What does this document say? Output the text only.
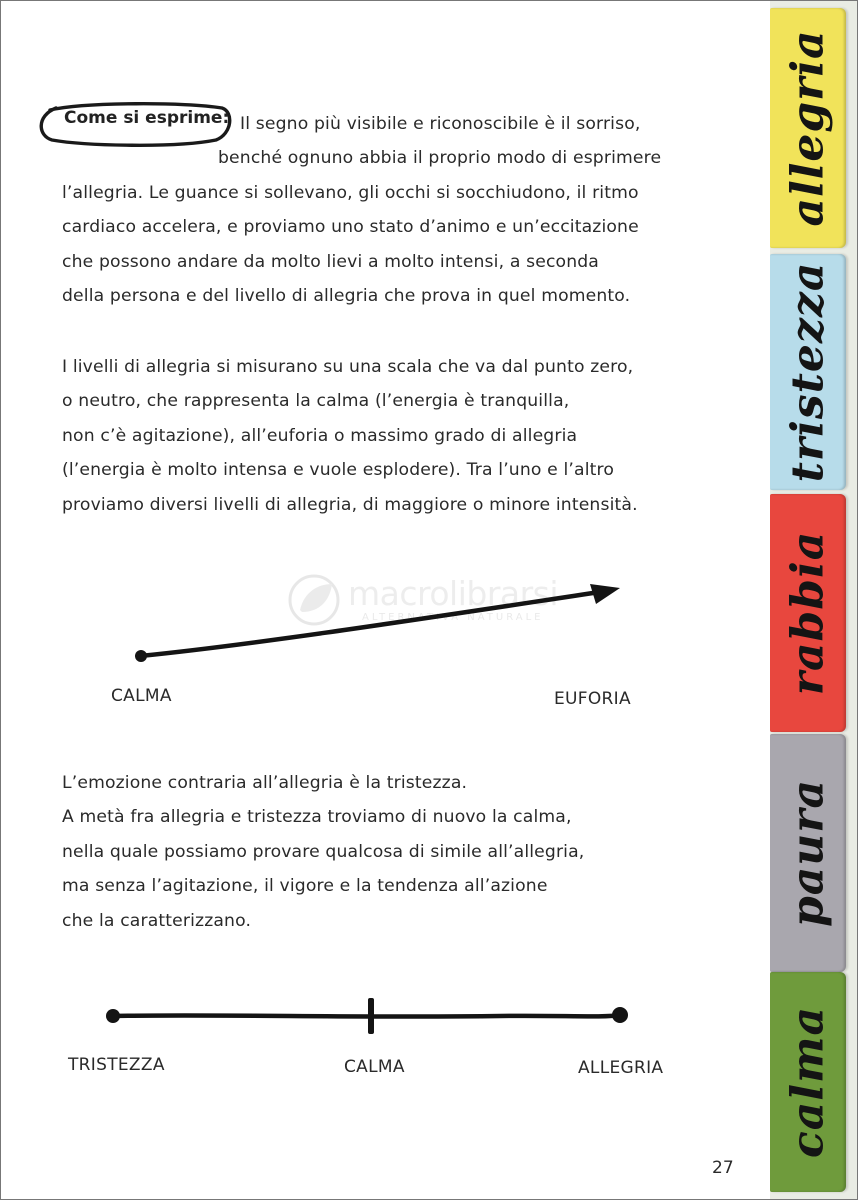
Come si esprime: Il segno più visibile e riconoscibile è il sorriso,
benché ognuno abbia il proprio modo di esprimere
l’allegria. Le guance si sollevano, gli occhi si socchiudono, il ritmo
cardiaco accelera, e proviamo uno stato d’animo e un’eccitazione
che possono andare da molto lievi a molto intensi, a seconda
della persona e del livello di allegria che prova in quel momento.
I livelli di allegria si misurano su una scala che va dal punto zero,
o neutro, che rappresenta la calma (l’energia è tranquilla,
non c’è agitazione), all’euforia o massimo grado di allegria
(l’energia è molto intensa e vuole esplodere). Tra l’uno e l’altro
proviamo diversi livelli di allegria, di maggiore o minore intensità.
macrolibrarsi
ALTERNATIVA NATURALE
CALMA	EUFORIA
L’emozione contraria all’allegria è la tristezza.
A metà fra allegria e tristezza troviamo di nuovo la calma,
nella quale possiamo provare qualcosa di simile all’allegria,
ma senza l’agitazione, il vigore e la tendenza all’azione
che la caratterizzano.
TRISTEZZA	CALMA	ALLEGRIA
27
allegria
tristezza
rabbia
paura
calma
